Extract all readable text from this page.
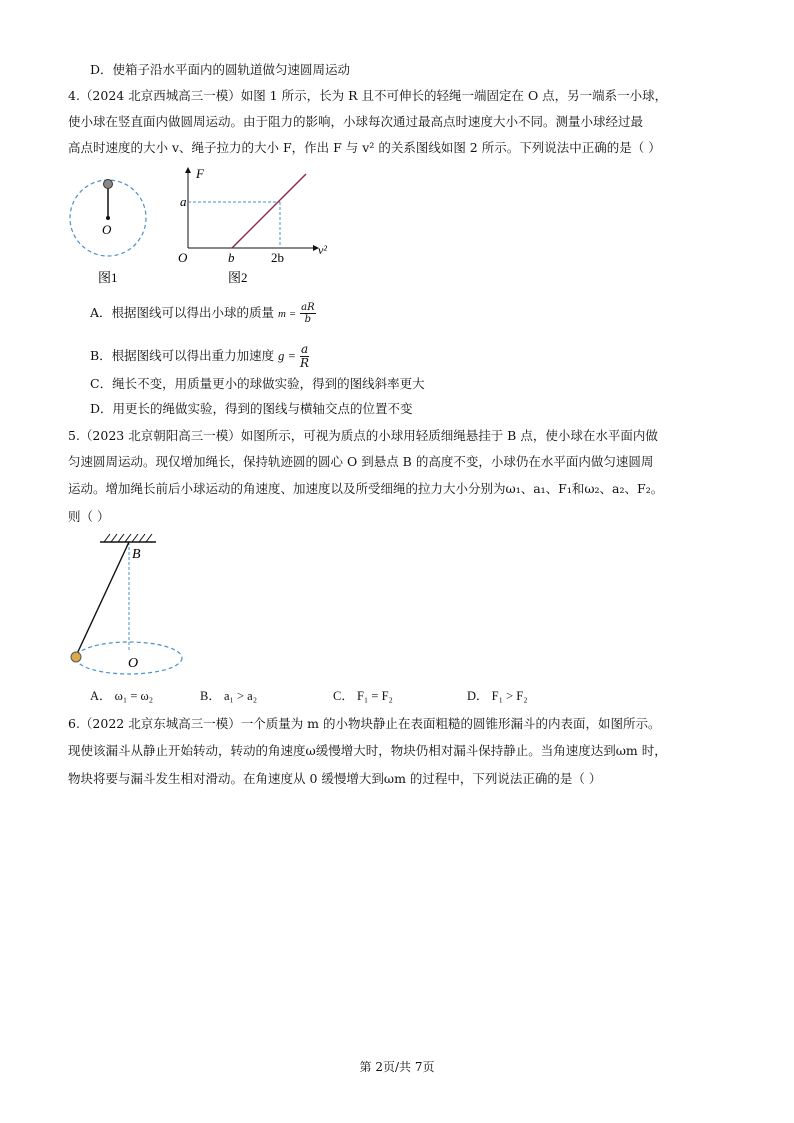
D．使箱子沿水平面内的圆轨道做匀速圆周运动
4.（2024 北京西城高三一模）如图 1 所示，长为 R 且不可伸长的轻绳一端固定在 O 点，另一端系一小球，
使小球在竖直面内做圆周运动。由于阻力的影响，小球每次通过最高点时速度大小不同。测量小球经过最
高点时速度的大小 v、绳子拉力的大小 F，作出 F 与 v² 的关系图线如图 2 所示。下列说法中正确的是（ ）
O
图1
F
v²
a
O	b	2b
图2
A．根据图线可以得出小球的质量 $m = \frac{aR}{b}$
B．根据图线可以得出重力加速度 $g = \frac{a}{R}$
C．绳长不变，用质量更小的球做实验，得到的图线斜率更大
D．用更长的绳做实验，得到的图线与横轴交点的位置不变
5.（2023 北京朝阳高三一模）如图所示，可视为质点的小球用轻质细绳悬挂于 B 点，使小球在水平面内做
匀速圆周运动。现仅增加绳长，保持轨迹圆的圆心 O 到悬点 B 的高度不变，小球仍在水平面内做匀速圆周
运动。增加绳长前后小球运动的角速度、加速度以及所受细绳的拉力大小分别为ω₁、a₁、F₁和ω₂、a₂、F₂。
则（ ）
B
O
A． ω₁ = ω₂	B． a₁ > a₂	C． F₁ = F₂	D． F₁ > F₂
6.（2022 北京东城高三一模）一个质量为 m 的小物块静止在表面粗糙的圆锥形漏斗的内表面，如图所示。
现使该漏斗从静止开始转动，转动的角速度ω缓慢增大时，物块仍相对漏斗保持静止。当角速度达到ωm 时，
物块将要与漏斗发生相对滑动。在角速度从 0 缓慢增大到ωm 的过程中，下列说法正确的是（ ）
第 2页/共 7页
